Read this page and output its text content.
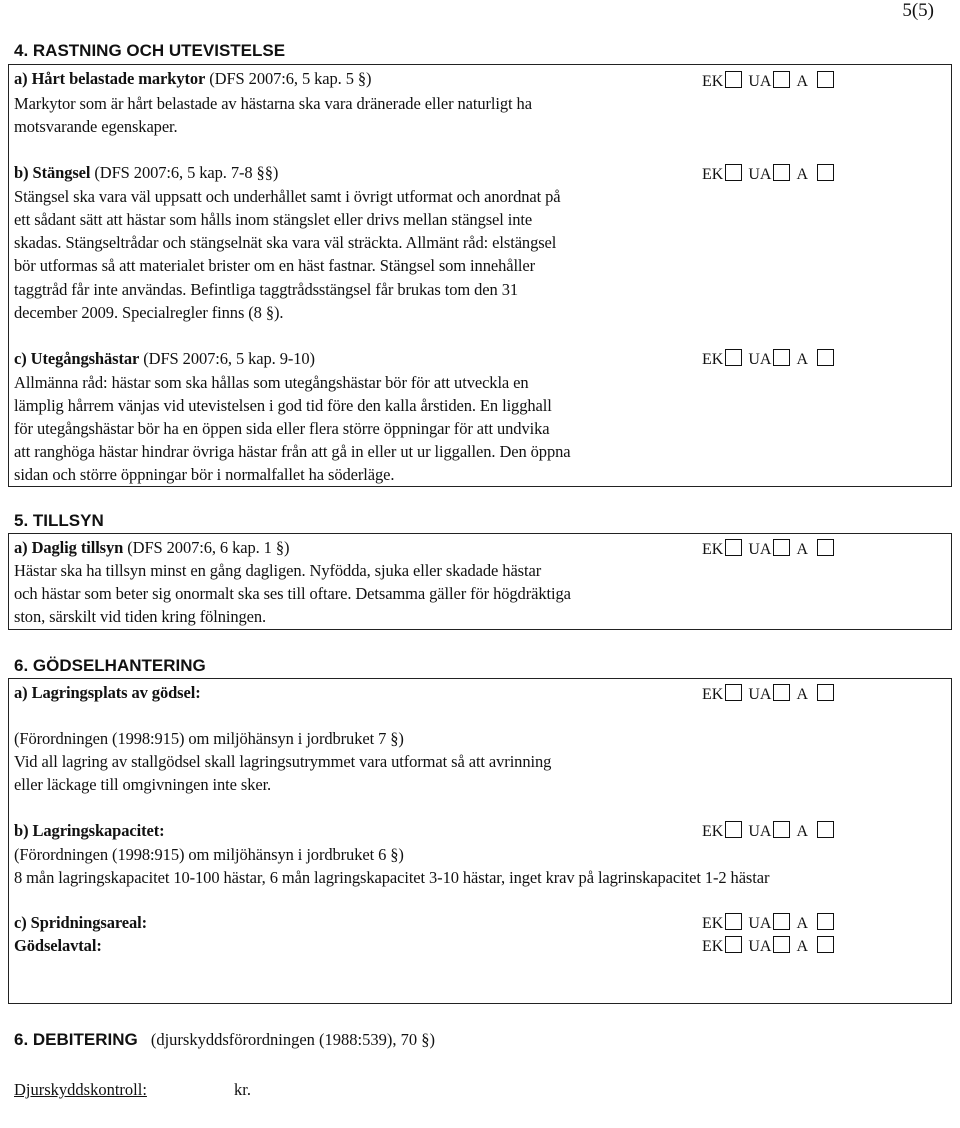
5(5)
4. RASTNING OCH UTEVISTELSE
a) Hårt belastade markytor (DFS 2007:6, 5 kap. 5 §)	EK UA A
Markytor som är hårt belastade av hästarna ska vara dränerade eller naturligt ha
motsvarande egenskaper.
b) Stängsel (DFS 2007:6, 5 kap. 7-8 §§)	EK UA A
Stängsel ska vara väl uppsatt och underhållet samt i övrigt utformat och anordnat på
ett sådant sätt att hästar som hålls inom stängslet eller drivs mellan stängsel inte
skadas. Stängseltrådar och stängselnät ska vara väl sträckta. Allmänt råd: elstängsel
bör utformas så att materialet brister om en häst fastnar. Stängsel som innehåller
taggtråd får inte användas. Befintliga taggtrådsstängsel får brukas tom den 31
december 2009. Specialregler finns (8 §).
c) Utegångshästar (DFS 2007:6, 5 kap. 9-10)	EK UA A
Allmänna råd: hästar som ska hållas som utegångshästar bör för att utveckla en
lämplig hårrem vänjas vid utevistelsen i god tid före den kalla årstiden. En ligghall
för utegångshästar bör ha en öppen sida eller flera större öppningar för att undvika
att ranghöga hästar hindrar övriga hästar från att gå in eller ut ur liggallen. Den öppna
sidan och större öppningar bör i normalfallet ha söderläge.
5. TILLSYN
a) Daglig tillsyn (DFS 2007:6, 6 kap. 1 §)	EK UA A
Hästar ska ha tillsyn minst en gång dagligen. Nyfödda, sjuka eller skadade hästar
och hästar som beter sig onormalt ska ses till oftare. Detsamma gäller för högdräktiga
ston, särskilt vid tiden kring fölningen.
6. GÖDSELHANTERING
a) Lagringsplats av gödsel:	EK UA A
(Förordningen (1998:915) om miljöhänsyn i jordbruket 7 §)
Vid all lagring av stallgödsel skall lagringsutrymmet vara utformat så att avrinning
eller läckage till omgivningen inte sker.
b) Lagringskapacitet:	EK UA A
(Förordningen (1998:915) om miljöhänsyn i jordbruket 6 §)
8 mån lagringskapacitet 10-100 hästar, 6 mån lagringskapacitet 3-10 hästar, inget krav på lagrinskapacitet 1-2 hästar
c) Spridningsareal:	EK UA A
Gödselavtal:	EK UA A
6. DEBITERING (djurskyddsförordningen (1988:539), 70 §)
Djurskyddskontroll:	kr.
